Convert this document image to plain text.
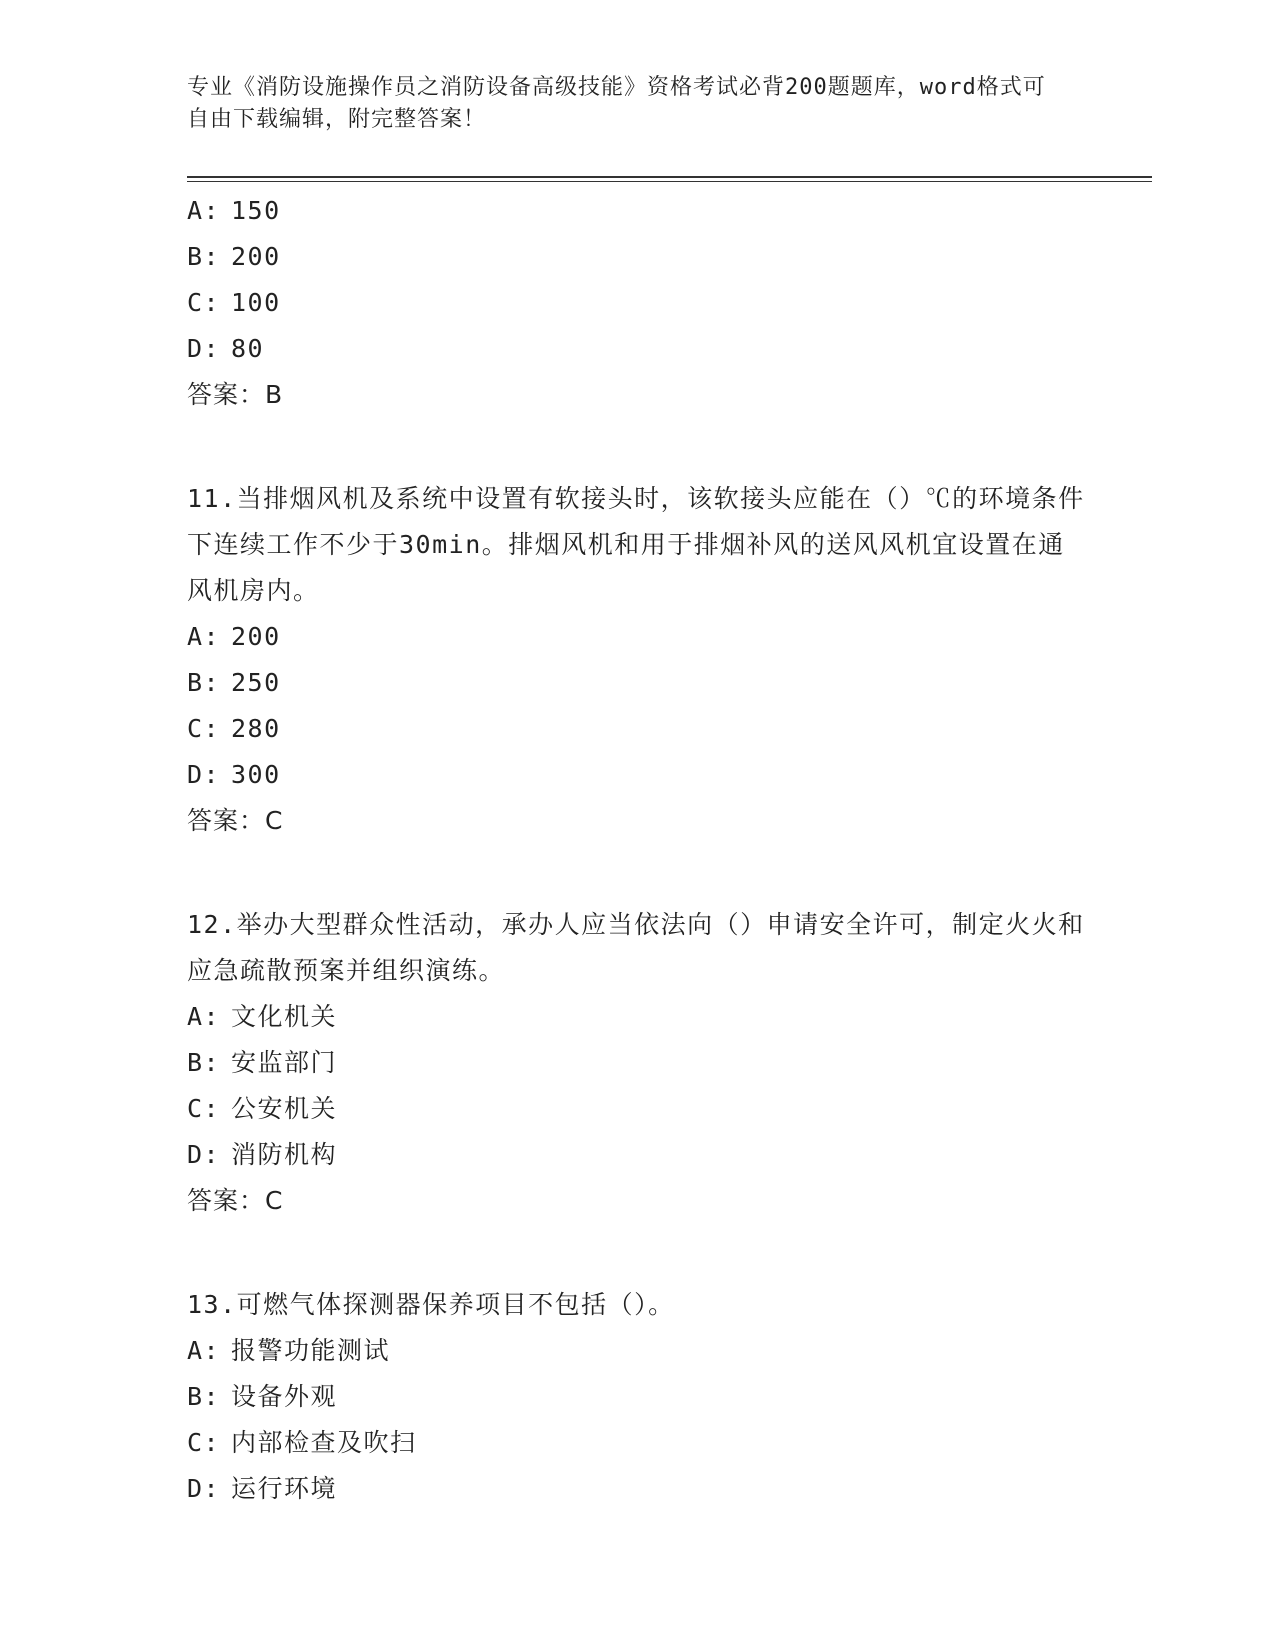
专业《消防设施操作员之消防设备高级技能》资格考试必背200题题库，word格式可自由下载编辑，附完整答案！
A: 150
B: 200
C: 100
D: 80
答案：B
11.当排烟风机及系统中设置有软接头时，该软接头应能在（）℃的环境条件下连续工作不少于30min。排烟风机和用于排烟补风的送风风机宜设置在通风机房内。
A: 200
B: 250
C: 280
D: 300
答案：C
12.举办大型群众性活动，承办人应当依法向（）申请安全许可，制定火火和应急疏散预案并组织演练。
A: 文化机关
B: 安监部门
C: 公安机关
D: 消防机构
答案：C
13.可燃气体探测器保养项目不包括（）。
A: 报警功能测试
B: 设备外观
C: 内部检查及吹扫
D: 运行环境
